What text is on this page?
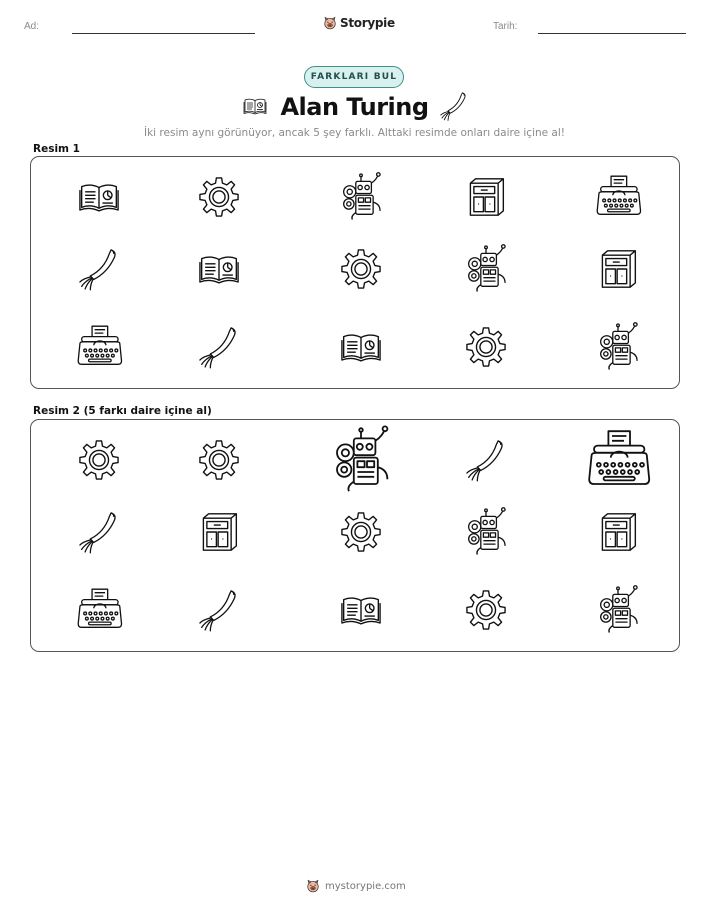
Ad:	Storypie	Tarih:
FARKLARI BUL
Alan Turing
İki resim aynı görünüyor, ancak 5 şey farklı. Alttaki resimde onları daire içine al!
Resim 1
Resim 2 (5 farkı daire içine al)
mystorypie.com
